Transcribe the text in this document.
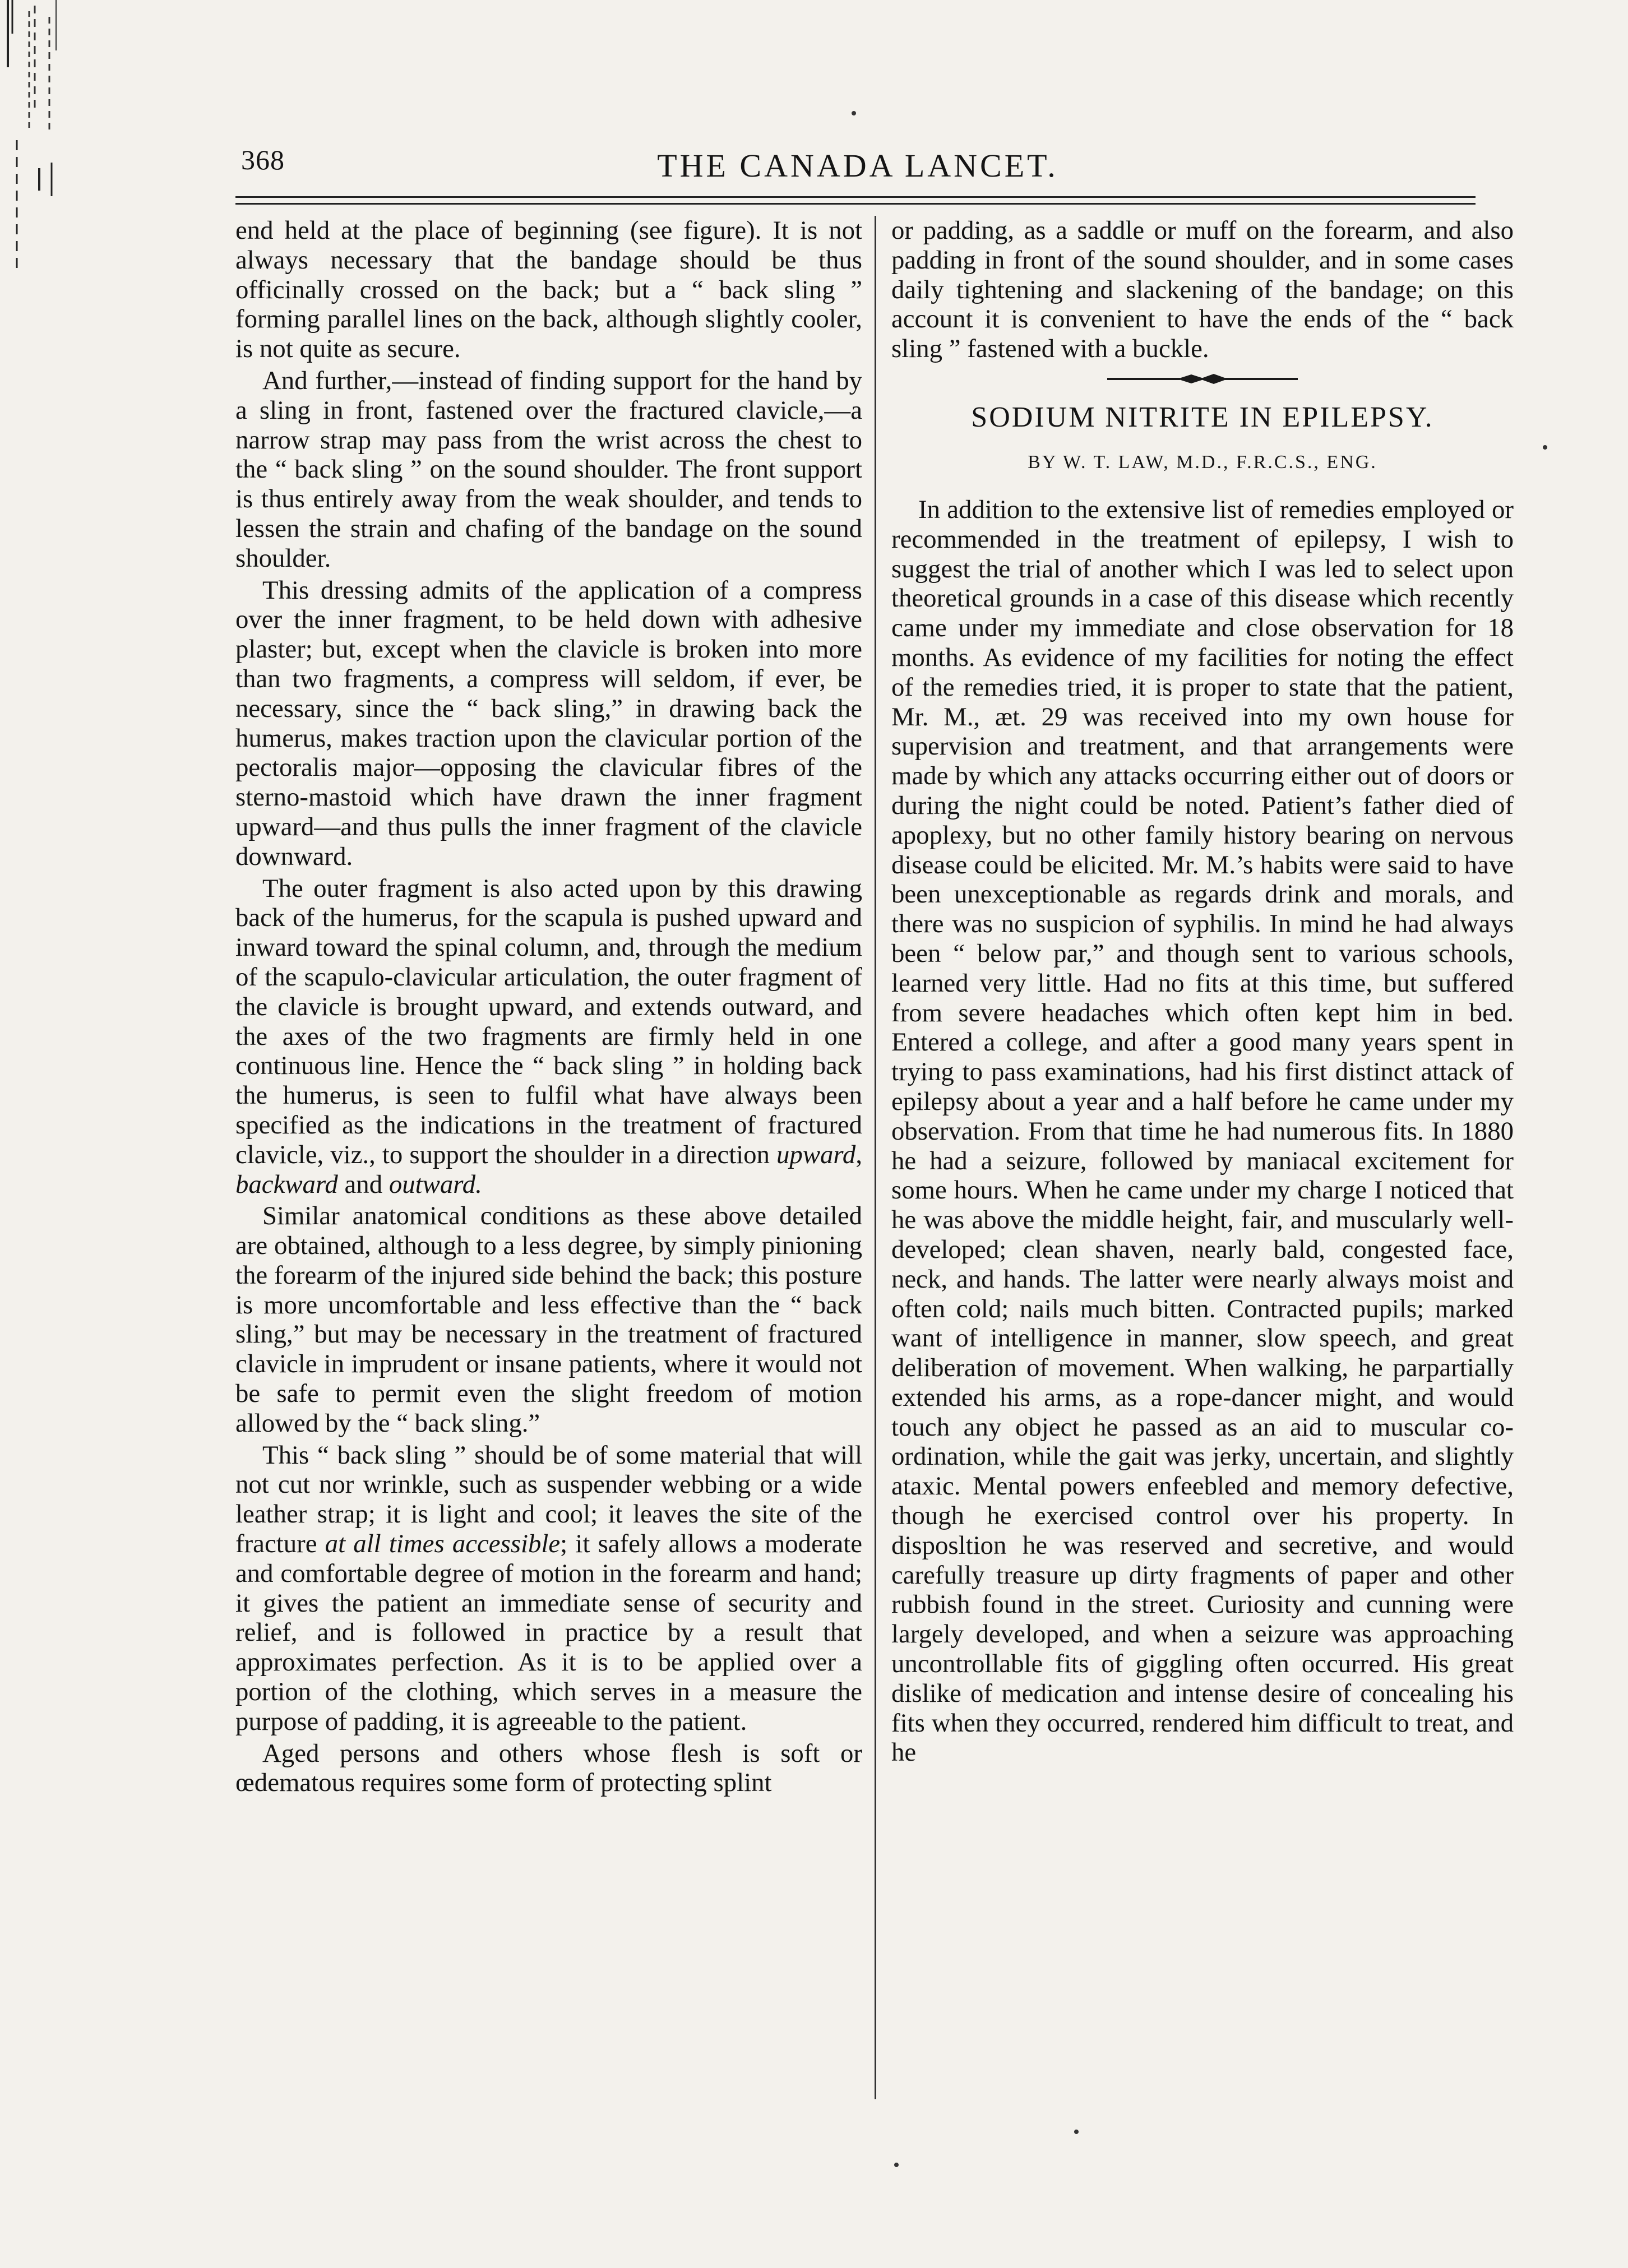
368	THE CANADA LANCET.

end held at the place of beginning (see figure). It is not always necessary that the bandage should be thus officinally crossed on the back; but a “ back sling ” forming parallel lines on the back, although slightly cooler, is not quite as secure.

And further,—instead of finding support for the hand by a sling in front, fastened over the fractured clavicle,—a narrow strap may pass from the wrist across the chest to the “ back sling ” on the sound shoulder. The front support is thus entirely away from the weak shoulder, and tends to lessen the strain and chafing of the bandage on the sound shoulder.

This dressing admits of the application of a compress over the inner fragment, to be held down with adhesive plaster; but, except when the clavicle is broken into more than two fragments, a compress will seldom, if ever, be necessary, since the “ back sling,” in drawing back the humerus, makes traction upon the clavicular portion of the pectoralis major—opposing the clavicular fibres of the sterno-mastoid which have drawn the inner fragment upward—and thus pulls the inner fragment of the clavicle downward.

The outer fragment is also acted upon by this drawing back of the humerus, for the scapula is pushed upward and inward toward the spinal column, and, through the medium of the scapulo-clavicular articulation, the outer fragment of the clavicle is brought upward, and extends outward, and the axes of the two fragments are firmly held in one continuous line. Hence the “ back sling ” in holding back the humerus, is seen to fulfil what have always been specified as the indications in the treatment of fractured clavicle, viz., to support the shoulder in a direction upward, backward and outward.

Similar anatomical conditions as these above detailed are obtained, although to a less degree, by simply pinioning the forearm of the injured side behind the back; this posture is more uncomfortable and less effective than the “ back sling,” but may be necessary in the treatment of fractured clavicle in imprudent or insane patients, where it would not be safe to permit even the slight freedom of motion allowed by the “ back sling.”

This “ back sling ” should be of some material that will not cut nor wrinkle, such as suspender webbing or a wide leather strap; it is light and cool; it leaves the site of the fracture at all times accessible; it safely allows a moderate and comfortable degree of motion in the forearm and hand; it gives the patient an immediate sense of security and relief, and is followed in practice by a result that approximates perfection. As it is to be applied over a portion of the clothing, which serves in a measure the purpose of padding, it is agreeable to the patient.

Aged persons and others whose flesh is soft or œdematous requires some form of protecting splint

or padding, as a saddle or muff on the forearm, and also padding in front of the sound shoulder, and in some cases daily tightening and slackening of the bandage; on this account it is convenient to have the ends of the “ back sling ” fastened with a buckle.

SODIUM NITRITE IN EPILEPSY.
BY W. T. LAW, M.D., F.R.C.S., ENG.

In addition to the extensive list of remedies employed or recommended in the treatment of epilepsy, I wish to suggest the trial of another which I was led to select upon theoretical grounds in a case of this disease which recently came under my immediate and close observation for 18 months. As evidence of my facilities for noting the effect of the remedies tried, it is proper to state that the patient, Mr. M., æt. 29 was received into my own house for supervision and treatment, and that arrangements were made by which any attacks occurring either out of doors or during the night could be noted. Patient’s father died of apoplexy, but no other family history bearing on nervous disease could be elicited. Mr. M.’s habits were said to have been unexceptionable as regards drink and morals, and there was no suspicion of syphilis. In mind he had always been “ below par,” and though sent to various schools, learned very little. Had no fits at this time, but suffered from severe headaches which often kept him in bed. Entered a college, and after a good many years spent in trying to pass examinations, had his first distinct attack of epilepsy about a year and a half before he came under my observation. From that time he had numerous fits. In 1880 he had a seizure, followed by maniacal excitement for some hours. When he came under my charge I noticed that he was above the middle height, fair, and muscularly well-developed; clean shaven, nearly bald, congested face, neck, and hands. The latter were nearly always moist and often cold; nails much bitten. Contracted pupils; marked want of intelligence in manner, slow speech, and great deliberation of movement. When walking, he parpartially extended his arms, as a rope-dancer might, and would touch any object he passed as an aid to muscular co-ordination, while the gait was jerky, uncertain, and slightly ataxic. Mental powers enfeebled and memory defective, though he exercised control over his property. In disposltion he was reserved and secretive, and would carefully treasure up dirty fragments of paper and other rubbish found in the street. Curiosity and cunning were largely developed, and when a seizure was approaching uncontrollable fits of giggling often occurred. His great dislike of medication and intense desire of concealing his fits when they occurred, rendered him difficult to treat, and he
